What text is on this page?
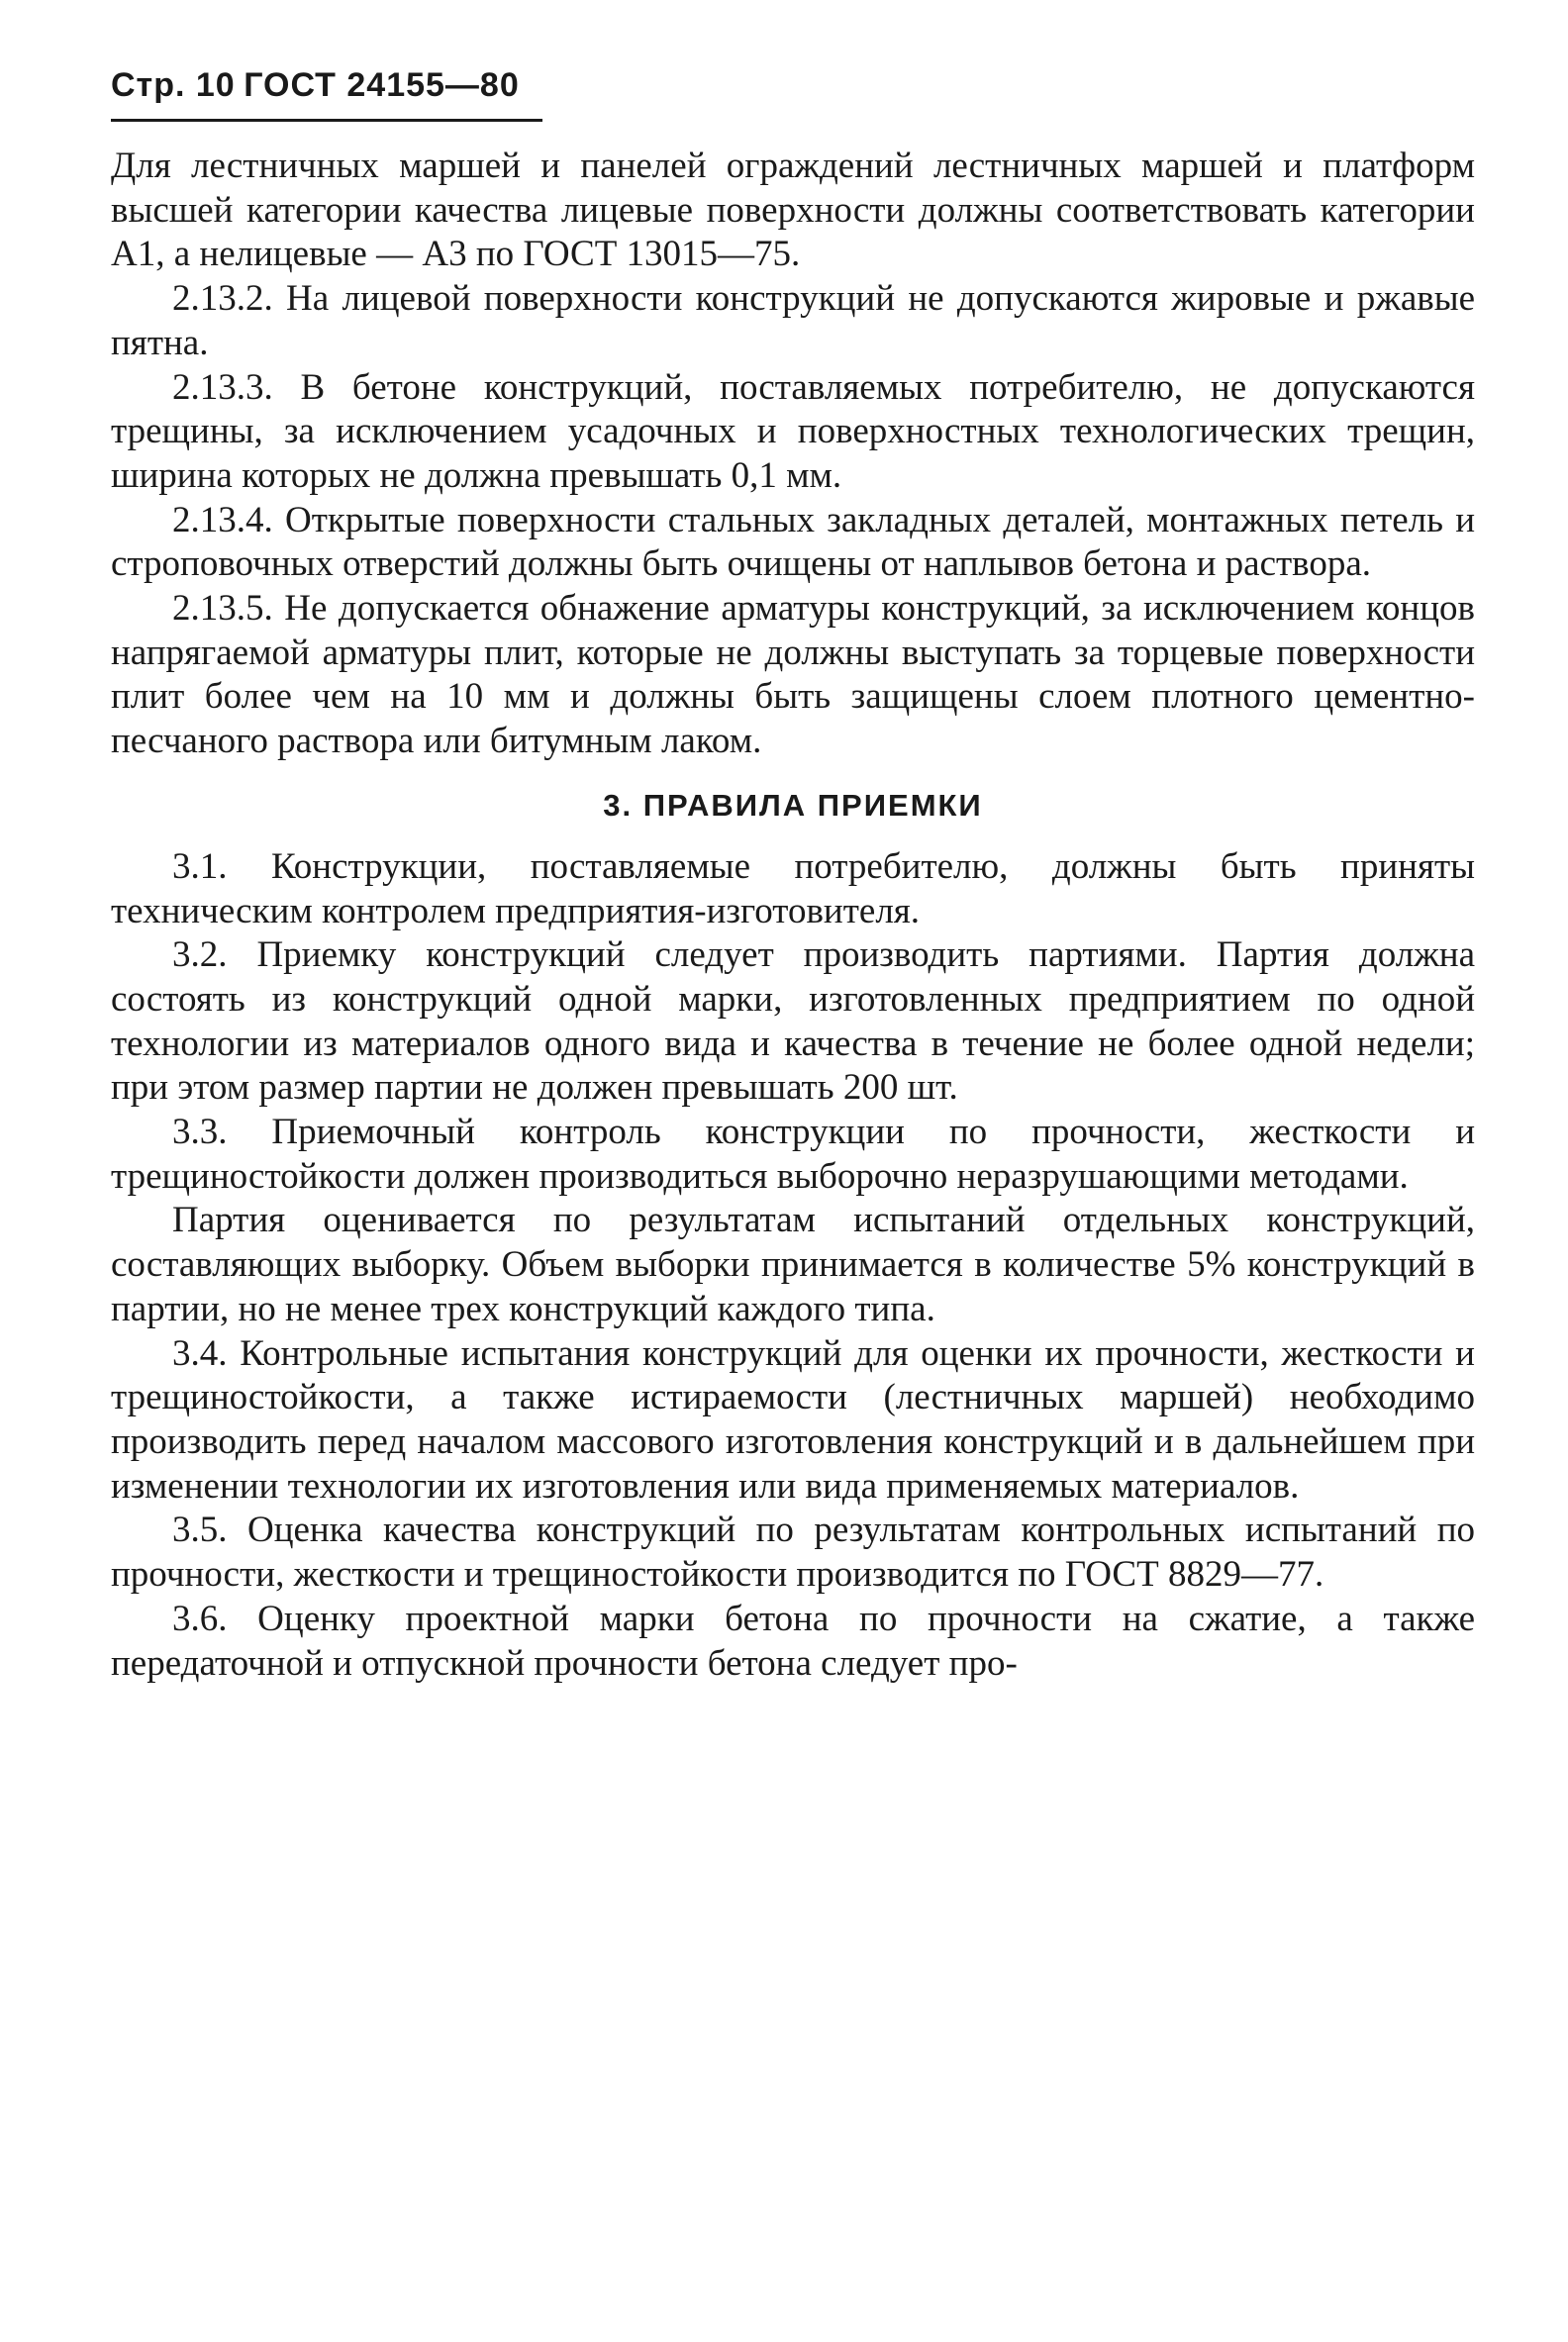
Стр. 10 ГОСТ 24155—80

Для лестничных маршей и панелей ограждений лестничных маршей и платформ высшей категории качества лицевые поверхности должны соответствовать категории А1, а нелицевые — А3 по ГОСТ 13015—75.

2.13.2. На лицевой поверхности конструкций не допускаются жировые и ржавые пятна.

2.13.3. В бетоне конструкций, поставляемых потребителю, не допускаются трещины, за исключением усадочных и поверхностных технологических трещин, ширина которых не должна превышать 0,1 мм.

2.13.4. Открытые поверхности стальных закладных деталей, монтажных петель и строповочных отверстий должны быть очищены от наплывов бетона и раствора.

2.13.5. Не допускается обнажение арматуры конструкций, за исключением концов напрягаемой арматуры плит, которые не должны выступать за торцевые поверхности плит более чем на 10 мм и должны быть защищены слоем плотного цементно-песчаного раствора или битумным лаком.

3. ПРАВИЛА ПРИЕМКИ

3.1. Конструкции, поставляемые потребителю, должны быть приняты техническим контролем предприятия-изготовителя.

3.2. Приемку конструкций следует производить партиями. Партия должна состоять из конструкций одной марки, изготовленных предприятием по одной технологии из материалов одного вида и качества в течение не более одной недели; при этом размер партии не должен превышать 200 шт.

3.3. Приемочный контроль конструкции по прочности, жесткости и трещиностойкости должен производиться выборочно неразрушающими методами.

Партия оценивается по результатам испытаний отдельных конструкций, составляющих выборку. Объем выборки принимается в количестве 5% конструкций в партии, но не менее трех конструкций каждого типа.

3.4. Контрольные испытания конструкций для оценки их прочности, жесткости и трещиностойкости, а также истираемости (лестничных маршей) необходимо производить перед началом массового изготовления конструкций и в дальнейшем при изменении технологии их изготовления или вида применяемых материалов.

3.5. Оценка качества конструкций по результатам контрольных испытаний по прочности, жесткости и трещиностойкости производится по ГОСТ 8829—77.

3.6. Оценку проектной марки бетона по прочности на сжатие, а также передаточной и отпускной прочности бетона следует про-
